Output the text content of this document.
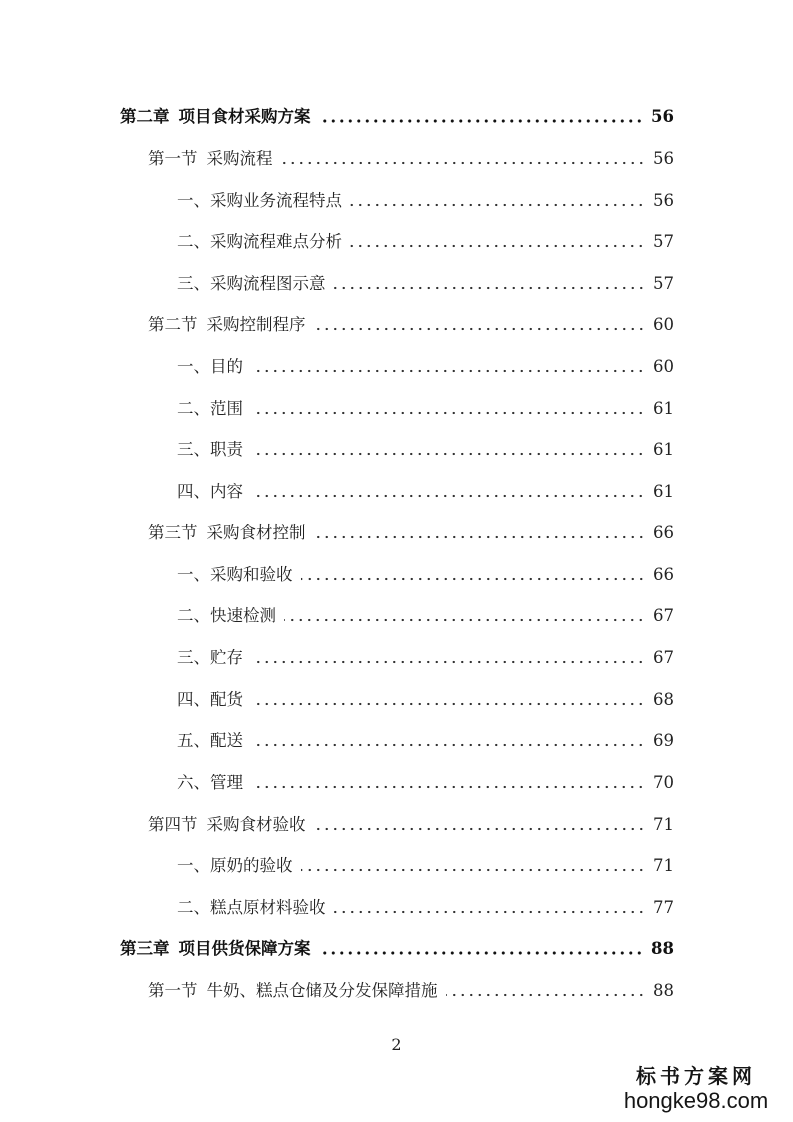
第二章 项目食材采购方案	56
第一节 采购流程	56
一、采购业务流程特点	56
二、采购流程难点分析	57
三、采购流程图示意	57
第二节 采购控制程序	60
一、目的	60
二、范围	61
三、职责	61
四、内容	61
第三节 采购食材控制	66
一、采购和验收	66
二、快速检测	67
三、贮存	67
四、配货	68
五、配送	69
六、管理	70
第四节 采购食材验收	71
一、原奶的验收	71
二、糕点原材料验收	77
第三章 项目供货保障方案	88
第一节 牛奶、糕点仓储及分发保障措施	88
2
标书方案网
hongke98.com
